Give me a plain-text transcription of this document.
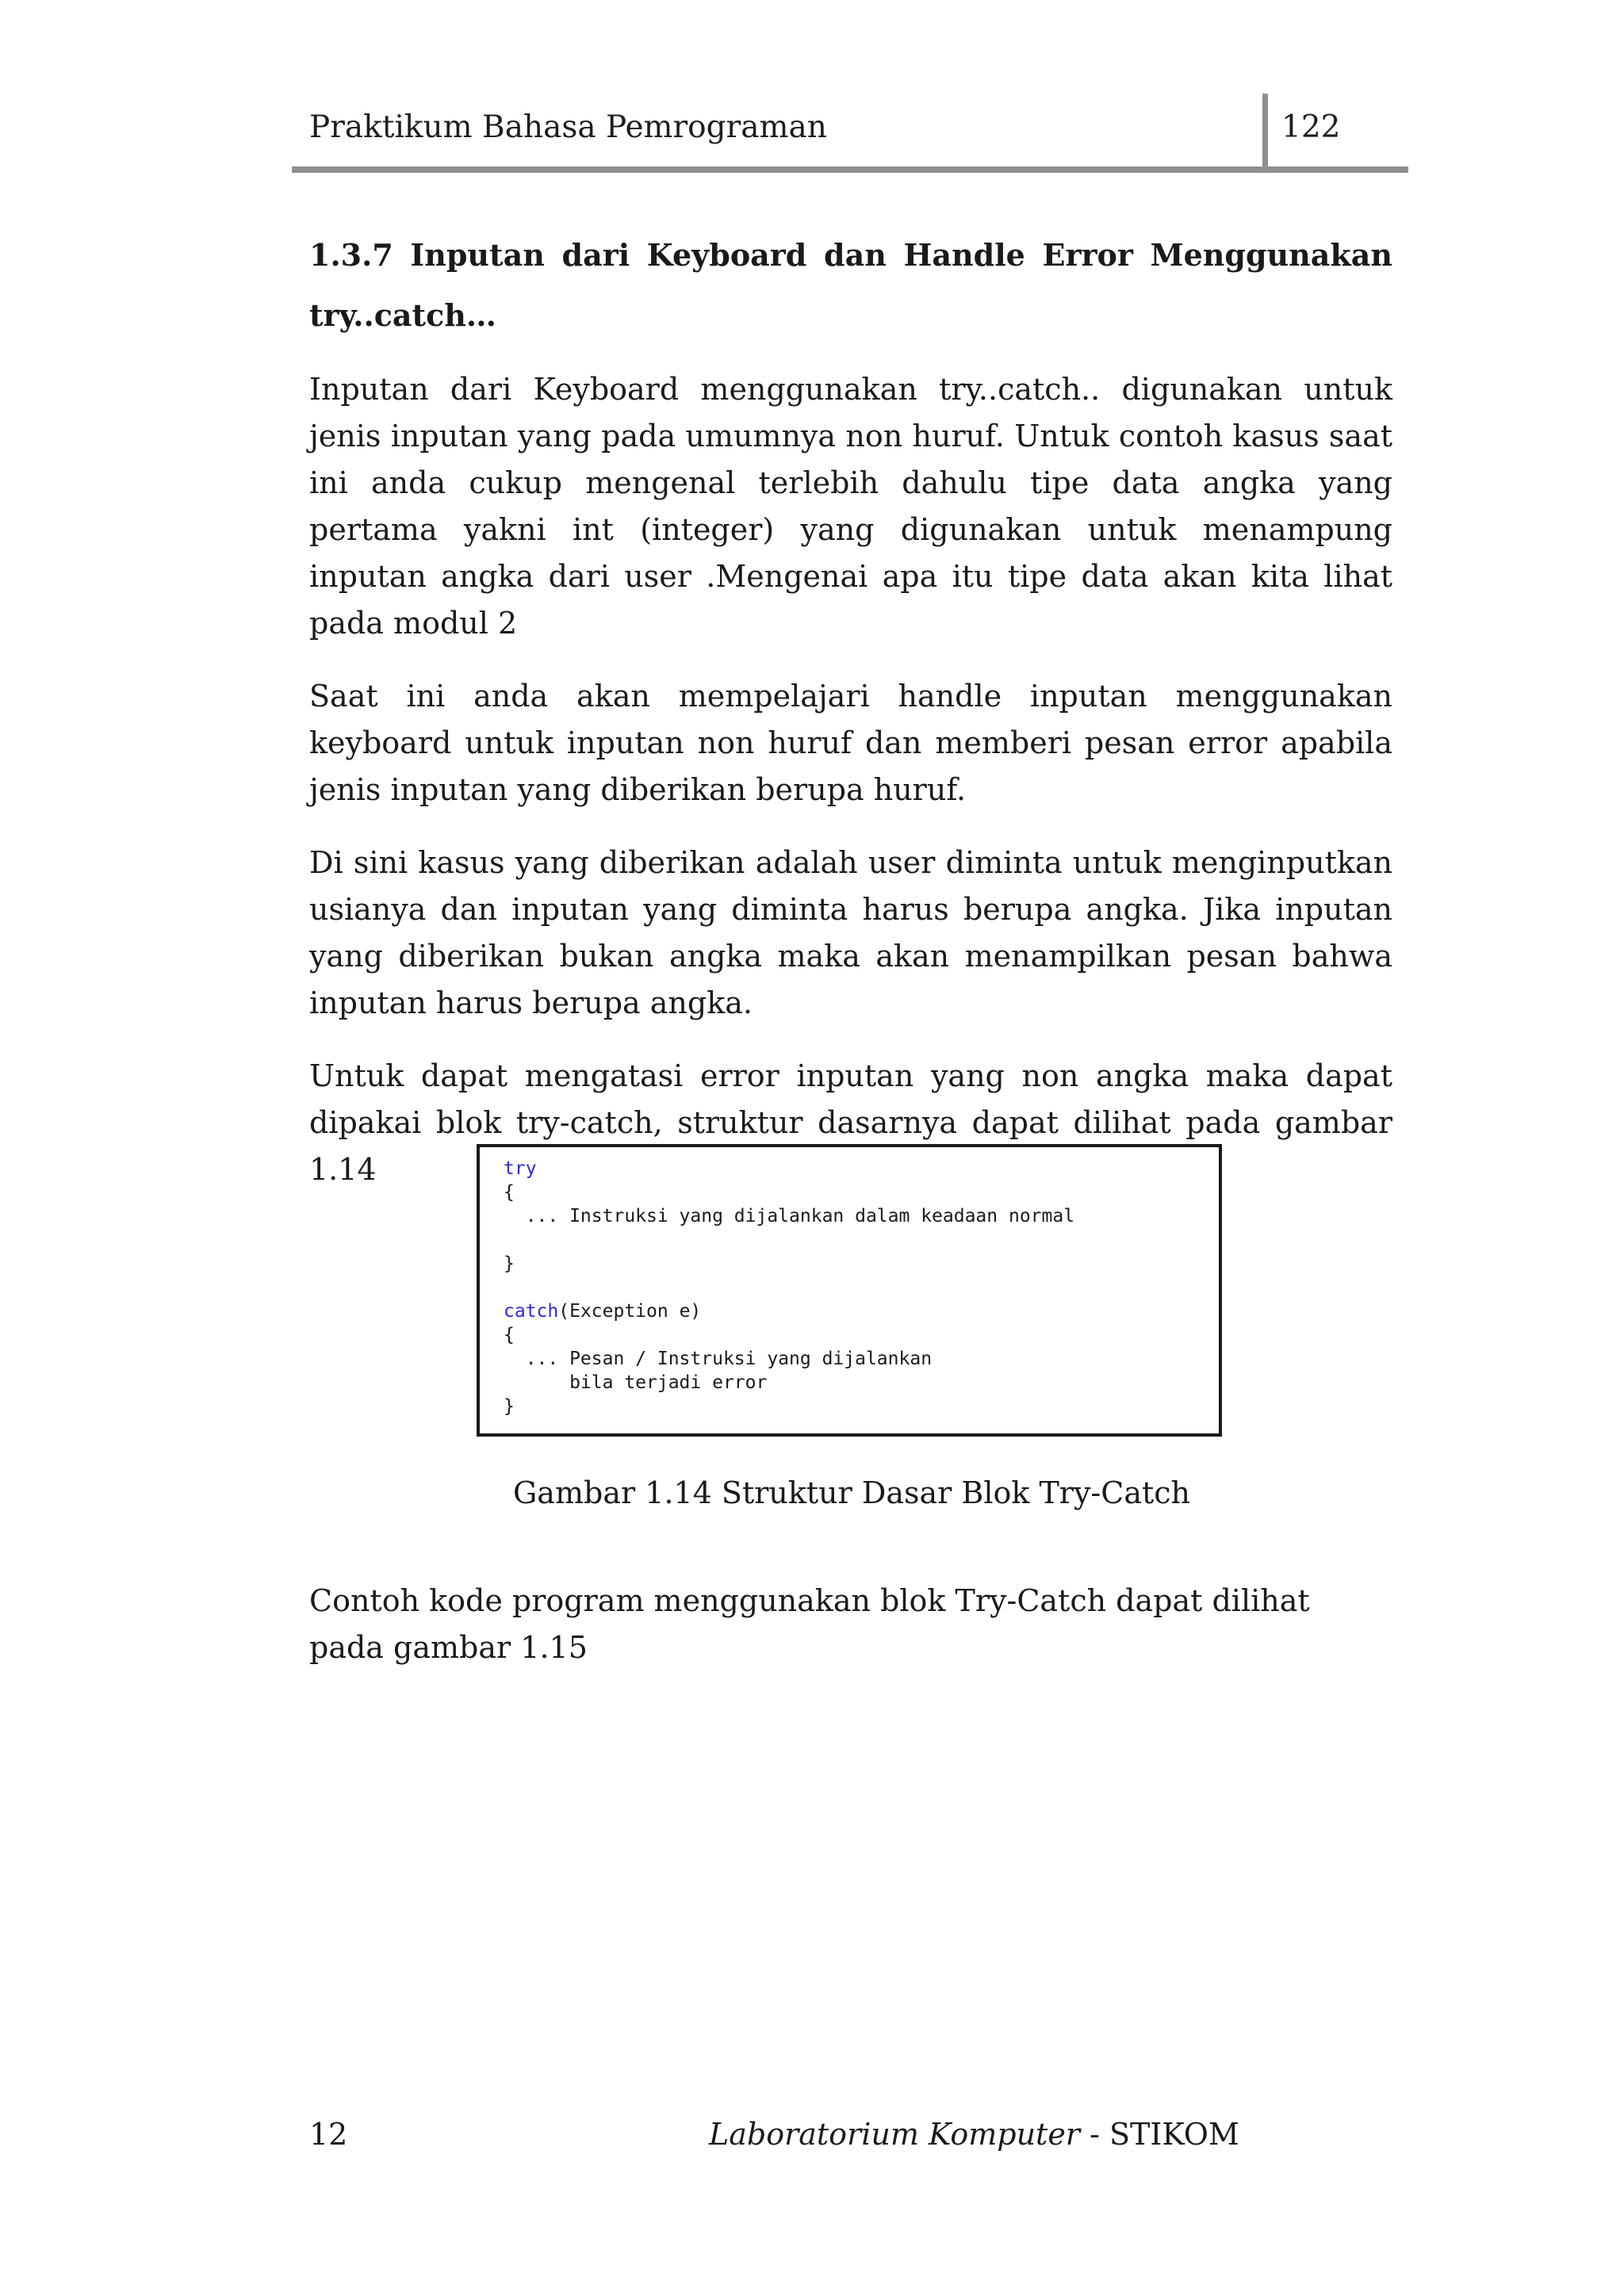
Praktikum Bahasa Pemrograman	122
1.3.7 Inputan dari Keyboard dan Handle Error Menggunakan try..catch…

Inputan dari Keyboard menggunakan try..catch.. digunakan untuk jenis inputan yang pada umumnya non huruf. Untuk contoh kasus saat ini anda cukup mengenal terlebih dahulu tipe data angka yang pertama yakni int (integer) yang digunakan untuk menampung inputan angka dari user .Mengenai apa itu tipe data akan kita lihat pada modul 2

Saat ini anda akan mempelajari handle inputan menggunakan keyboard untuk inputan non huruf dan memberi pesan error apabila jenis inputan yang diberikan berupa huruf.

Di sini kasus yang diberikan adalah user diminta untuk menginputkan usianya dan inputan yang diminta harus berupa angka. Jika inputan yang diberikan bukan angka maka akan menampilkan pesan bahwa inputan harus berupa angka.

Untuk dapat mengatasi error inputan yang non angka maka dapat dipakai blok try-catch, struktur dasarnya dapat dilihat pada gambar 1.14	try
{
... Instruksi yang dijalankan dalam keadaan normal
}
catch(Exception e)
{
... Pesan / Instruksi yang dijalankan
bila terjadi error
}
Gambar 1.14 Struktur Dasar Blok Try-Catch

Contoh kode program menggunakan blok Try-Catch dapat dilihat pada gambar 1.15

12	Laboratorium Komputer - STIKOM
